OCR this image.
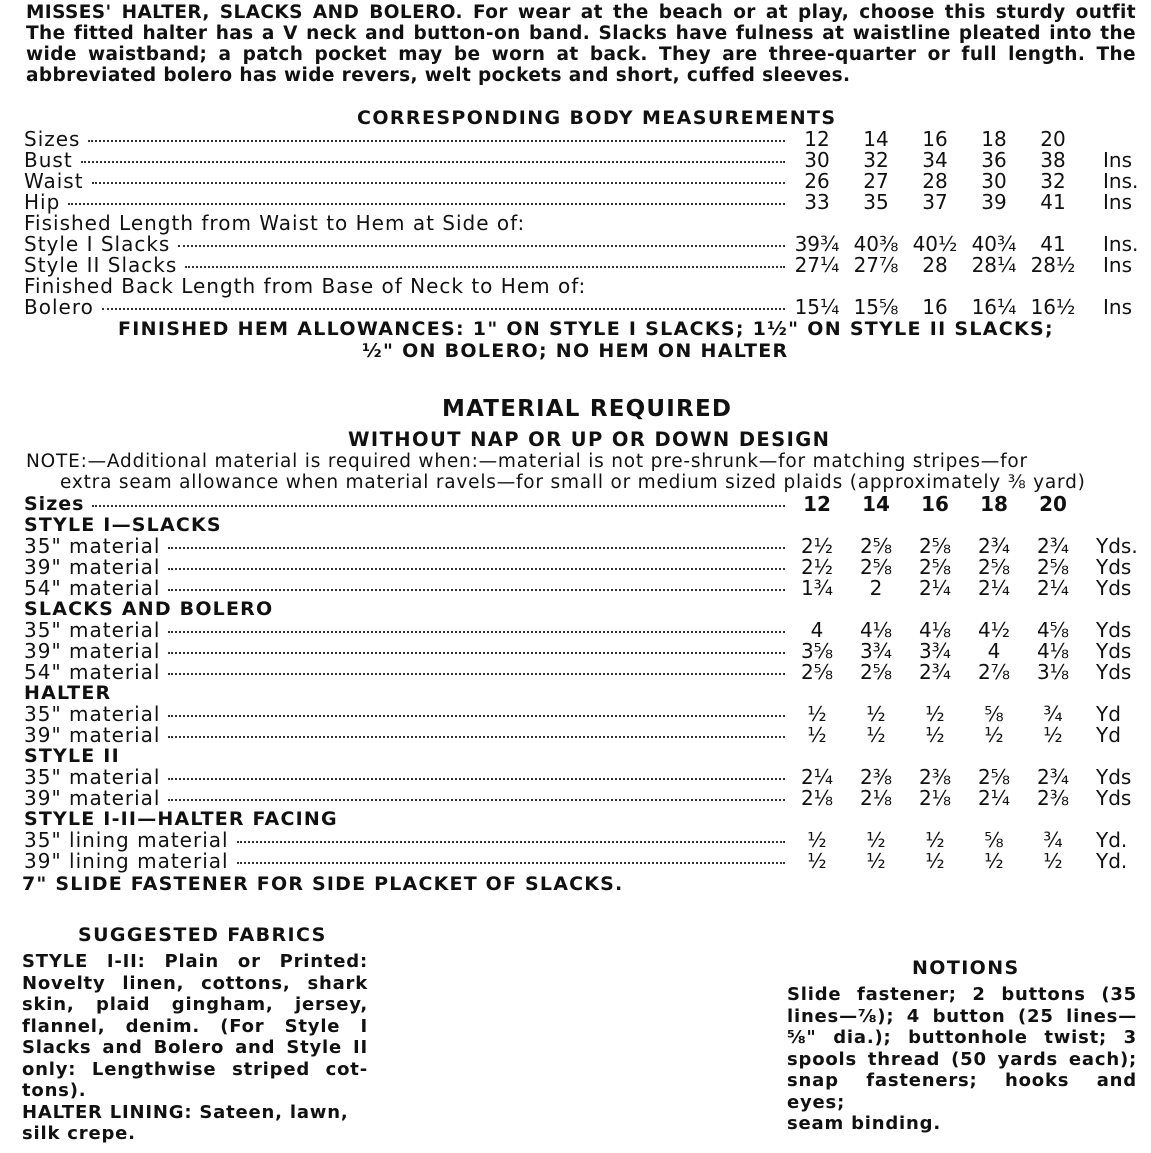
MISSES' HALTER, SLACKS AND BOLERO. For wear at the beach or at play, choose this sturdy outfit
The fitted halter has a V neck and button-on band. Slacks have fulness at waistline pleated into the
wide waistband; a patch pocket may be worn at back. They are three-quarter or full length. The
abbreviated bolero has wide revers, welt pockets and short, cuffed sleeves.
CORRESPONDING BODY MEASUREMENTS
Sizes	12	14	16	18	20
Bust	30	32	34	36	38	Ins
Waist	26	27	28	30	32	Ins.
Hip	33	35	37	39	41	Ins
Fisished Length from Waist to Hem at Side of:
Style I Slacks	39¾ 40⅜ 40½ 40¾	41	Ins.
Style II Slacks	27¼ 27⅞	28	28¼ 28½ Ins
Finished Back Length from Base of Neck to Hem of:
Bolero	15¼ 15⅝	16	16¼ 16½ Ins
FINISHED HEM ALLOWANCES: 1" ON STYLE I SLACKS; 1½" ON STYLE II SLACKS;
½" ON BOLERO; NO HEM ON HALTER
MATERIAL REQUIRED
WITHOUT NAP OR UP OR DOWN DESIGN
NOTE:—Additional material is required when:—material is not pre-shrunk—for matching stripes—for
extra seam allowance when material ravels—for small or medium sized plaids (approximately ⅜ yard)
Sizes	12	14	16	18	20
STYLE I—SLACKS
35" material	2½	2⅝	2⅝	2¾	2¾	Yds.
39" material	2½	2⅝	2⅝	2⅝	2⅝	Yds
54" material	1¾	2	2¼	2¼	2¼	Yds
SLACKS AND BOLERO
35" material	4	4⅛	4⅛	4½	4⅝	Yds
39" material	3⅝	3¾	3¾	4	4⅛	Yds
54" material	2⅝	2⅝	2¾	2⅞	3⅛	Yds
HALTER
35" material	½	½	½	⅝	¾	Yd
39" material	½	½	½	½	½	Yd
STYLE II
35" material	2¼	2⅜	2⅜	2⅝	2¾	Yds
39" material	2⅛	2⅛	2⅛	2¼	2⅜	Yds
STYLE I-II—HALTER FACING
35" lining material	½	½	½	⅝	¾	Yd.
39" lining material	½	½	½	½	½	Yd.
7" SLIDE FASTENER FOR SIDE PLACKET OF SLACKS.
SUGGESTED FABRICS
STYLE I-II: Plain or Printed:
Novelty linen, cottons, shark
skin, plaid gingham, jersey,
flannel, denim. (For Style I
Slacks and Bolero and Style II
only: Lengthwise striped cot-
tons).
HALTER LINING: Sateen, lawn,
silk crepe.
NOTIONS
Slide fastener; 2 buttons (35
lines—⅞); 4 button (25 lines—
⅝" dia.); buttonhole twist; 3
spools thread (50 yards each);
snap fasteners; hooks and eyes;
seam binding.
